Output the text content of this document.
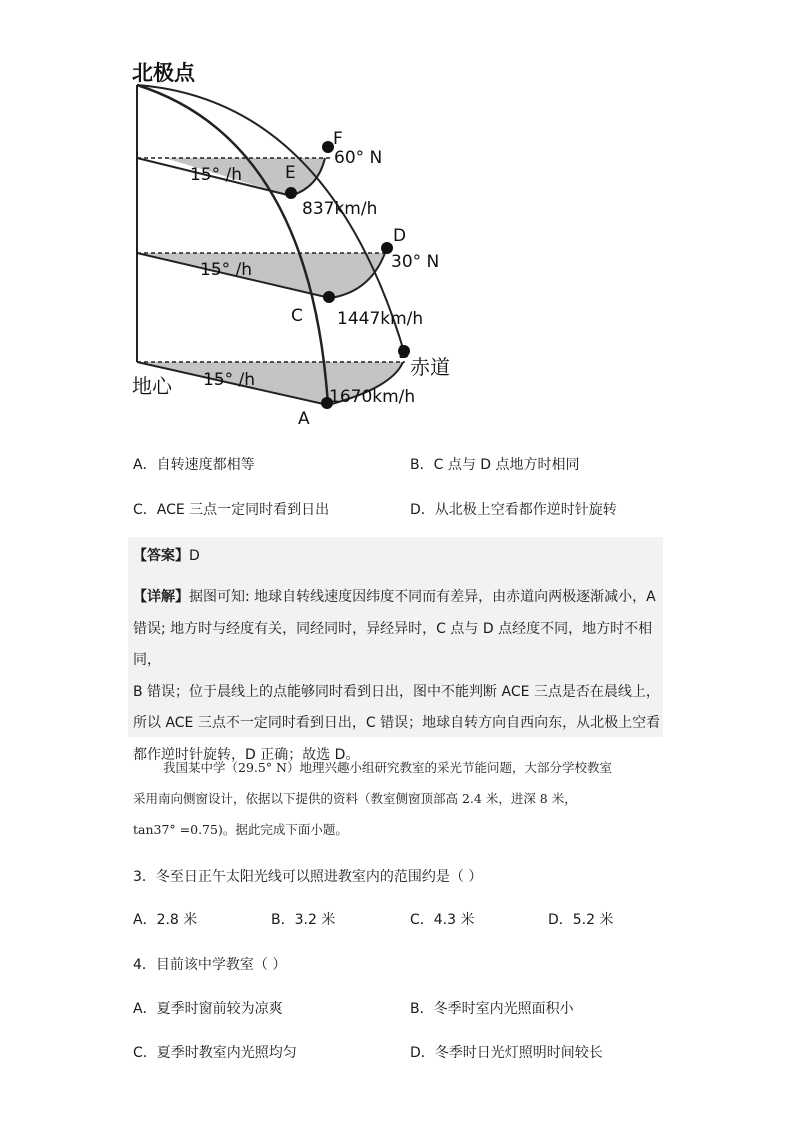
北极点
地心
赤道
15° /h
15° /h
15° /h
60° N
30° N
837km/h
1447km/h
1670km/h
A
B
C
D
E
F
A．自转速度都相等	B．C 点与 D 点地方时相同
C．ACE 三点一定同时看到日出	D．从北极上空看都作逆时针旋转
【答案】D
【详解】据图可知: 地球自转线速度因纬度不同而有差异，由赤道向两极逐渐减小，A
错误; 地方时与经度有关，同经同时，异经异时，C 点与 D 点经度不同，地方时不相同，
B 错误；位于晨线上的点能够同时看到日出，图中不能判断 ACE 三点是否在晨线上，
所以 ACE 三点不一定同时看到日出，C 错误；地球自转方向自西向东，从北极上空看
都作逆时针旋转，D 正确；故选 D。
我国某中学（29.5° N）地理兴趣小组研究教室的采光节能问题，大部分学校教室
采用南向侧窗设计，依据以下提供的资料（教室侧窗顶部高 2.4 米，进深 8 米，
tan37° =0.75)。据此完成下面小题。
3．冬至日正午太阳光线可以照进教室内的范围约是（ ）
A．2.8 米	B．3.2 米	C．4.3 米	D．5.2 米
4．目前该中学教室（ ）
A．夏季时窗前较为凉爽	B．冬季时室内光照面积小
C．夏季时教室内光照均匀	D．冬季时日光灯照明时间较长
